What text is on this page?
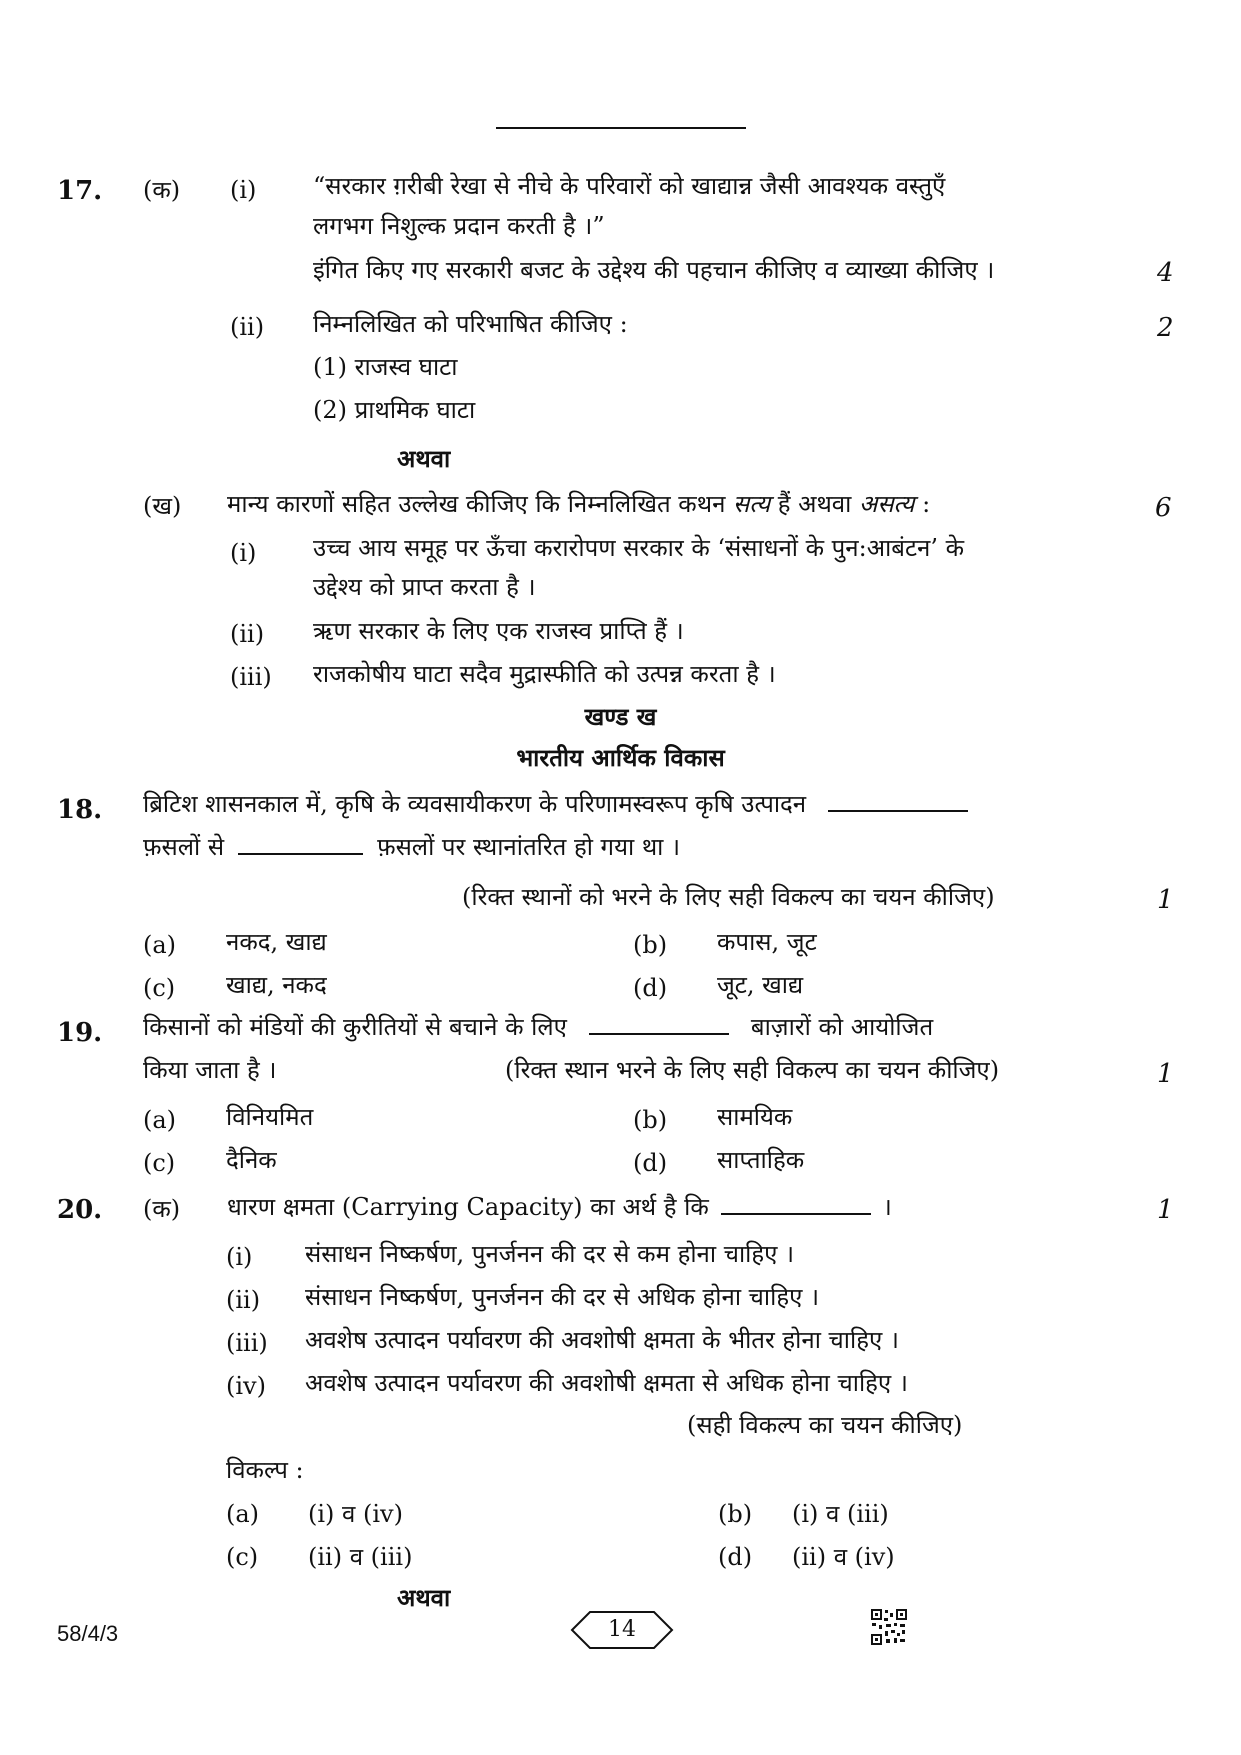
17. (क) (i) “सरकार ग़रीबी रेखा से नीचे के परिवारों को खाद्यान्न जैसी आवश्यक वस्तुएँ
लगभग निशुल्क प्रदान करती है ।”
इंगित किए गए सरकारी बजट के उद्देश्य की पहचान कीजिए व व्याख्या कीजिए ।	4
(ii) निम्नलिखित को परिभाषित कीजिए :	2
(1) राजस्व घाटा
(2) प्राथमिक घाटा
अथवा
(ख) मान्य कारणों सहित उल्लेख कीजिए कि निम्नलिखित कथन सत्य हैं अथवा असत्य :	6
(i) उच्च आय समूह पर ऊँचा करारोपण सरकार के ‘संसाधनों के पुन:आबंटन’ के
उद्देश्य को प्राप्त करता है ।
(ii) ऋण सरकार के लिए एक राजस्व प्राप्ति हैं ।
(iii) राजकोषीय घाटा सदैव मुद्रास्फीति को उत्पन्न करता है ।
खण्ड ख
भारतीय आर्थिक विकास
18. ब्रिटिश शासनकाल में, कृषि के व्यवसायीकरण के परिणामस्वरूप कृषि उत्पादन
फ़सलों से	फ़सलों पर स्थानांतरित हो गया था ।
(रिक्त स्थानों को भरने के लिए सही विकल्प का चयन कीजिए)	1
(a) नकद, खाद्य	(b) कपास, जूट
(c) खाद्य, नकद	(d) जूट, खाद्य
19. किसानों को मंडियों की कुरीतियों से बचाने के लिए	बाज़ारों को आयोजित
किया जाता है ।	(रिक्त स्थान भरने के लिए सही विकल्प का चयन कीजिए)	1
(a) विनियमित	(b) सामयिक
(c) दैनिक	(d) साप्ताहिक
20. (क) धारण क्षमता (Carrying Capacity) का अर्थ है कि	।	1
(i) संसाधन निष्कर्षण, पुनर्जनन की दर से कम होना चाहिए ।
(ii) संसाधन निष्कर्षण, पुनर्जनन की दर से अधिक होना चाहिए ।
(iii) अवशेष उत्पादन पर्यावरण की अवशोषी क्षमता के भीतर होना चाहिए ।
(iv) अवशेष उत्पादन पर्यावरण की अवशोषी क्षमता से अधिक होना चाहिए ।
(सही विकल्प का चयन कीजिए)
विकल्प :
(a) (i) व (iv)	(b) (i) व (iii)
(c) (ii) व (iii)	(d) (ii) व (iv)
अथवा
58/4/3	14
